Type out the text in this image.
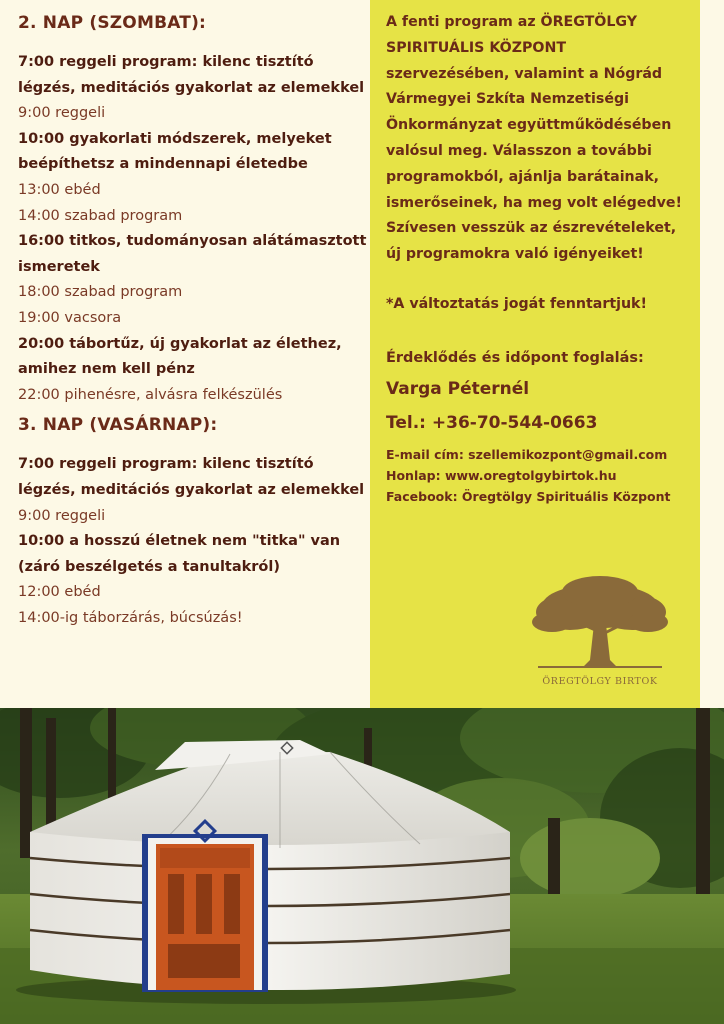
2. NAP (SZOMBAT):
7:00 reggeli program: kilenc tisztító légzés, meditációs gyakorlat az elemekkel
9:00 reggeli
10:00 gyakorlati módszerek, melyeket beépíthetsz a mindennapi életedbe
13:00 ebéd
14:00 szabad program
16:00 titkos, tudományosan alátámasztott ismeretek
18:00 szabad program
19:00 vacsora
20:00 tábortűz, új gyakorlat az élethez, amihez nem kell pénz
22:00 pihenésre, alvásra felkészülés
3. NAP (VASÁRNAP):
7:00 reggeli program: kilenc tisztító légzés, meditációs gyakorlat az elemekkel
9:00 reggeli
10:00 a hosszú életnek nem "titka" van (záró beszélgetés a tanultakról)
12:00 ebéd
14:00-ig táborzárás, búcsúzás!

A fenti program az ÖREGTÖLGY SPIRITUÁLIS KÖZPONT szervezésében, valamint a Nógrád Vármegyei Szkíta Nemzetiségi Önkormányzat együttműködésében valósul meg. Válasszon a további programokból, ajánlja barátainak, ismerőseinek, ha meg volt elégedve! Szívesen vesszük az észrevételeket, új programokra való igényeiket!

*A változtatás jogát fenntartjuk!

Érdeklődés és időpont foglalás:

Varga Péternél

Tel.: +36-70-544-0663

E-mail cím: szellemikozpont@gmail.com

Honlap: www.oregtolgybirtok.hu

Facebook: Öregtölgy Spirituális Központ

ÖREGTÖLGY BIRTOK
